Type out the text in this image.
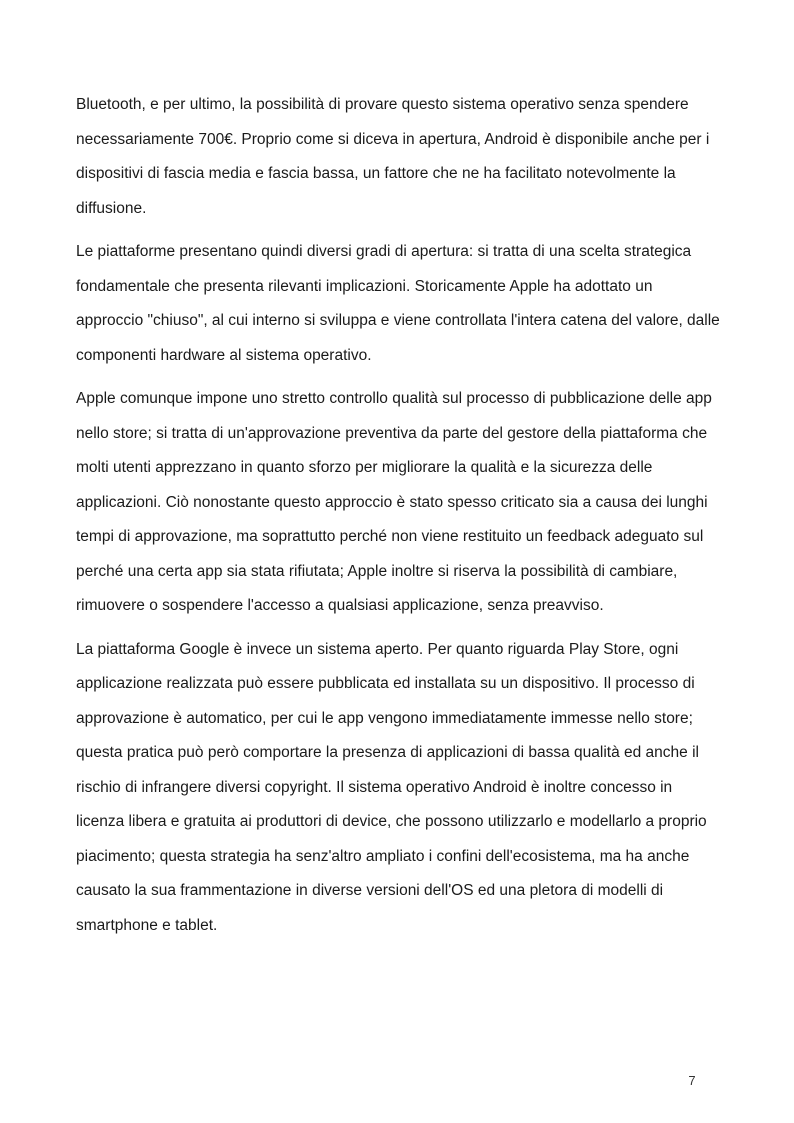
Bluetooth, e per ultimo, la possibilità di provare questo sistema operativo senza spendere necessariamente 700€. Proprio come si diceva in apertura, Android è disponibile anche per i dispositivi di fascia media e fascia bassa, un fattore che ne ha facilitato notevolmente la diffusione.

Le piattaforme presentano quindi diversi gradi di apertura: si tratta di una scelta strategica fondamentale che presenta rilevanti implicazioni. Storicamente Apple ha adottato un approccio "chiuso", al cui interno si sviluppa e viene controllata l'intera catena del valore, dalle componenti hardware al sistema operativo.

Apple comunque impone uno stretto controllo qualità sul processo di pubblicazione delle app nello store; si tratta di un'approvazione preventiva da parte del gestore della piattaforma che molti utenti apprezzano in quanto sforzo per migliorare la qualità e la sicurezza delle applicazioni. Ciò nonostante questo approccio è stato spesso criticato sia a causa dei lunghi tempi di approvazione, ma soprattutto perché non viene restituito un feedback adeguato sul perché una certa app sia stata rifiutata; Apple inoltre si riserva la possibilità di cambiare, rimuovere o sospendere l'accesso a qualsiasi applicazione, senza preavviso.

La piattaforma Google è invece un sistema aperto. Per quanto riguarda Play Store, ogni applicazione realizzata può essere pubblicata ed installata su un dispositivo. Il processo di approvazione è automatico, per cui le app vengono immediatamente immesse nello store; questa pratica può però comportare la presenza di applicazioni di bassa qualità ed anche il rischio di infrangere diversi copyright. Il sistema operativo Android è inoltre concesso in licenza libera e gratuita ai produttori di device, che possono utilizzarlo e modellarlo a proprio piacimento; questa strategia ha senz'altro ampliato i confini dell'ecosistema, ma ha anche causato la sua frammentazione in diverse versioni dell'OS ed una pletora di modelli di smartphone e tablet.

7
